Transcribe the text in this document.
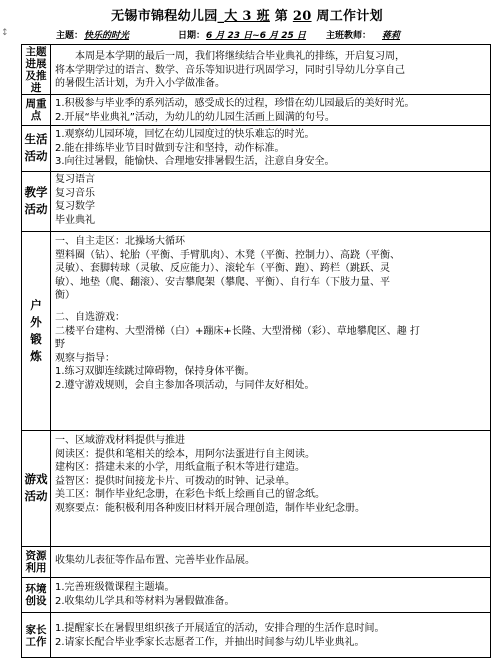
↕
无锡市锦程幼儿园_大 3 班 第 20 周工作计划
主题： 快乐的时光	日期： 6 月 23 日~6 月 25 日 主班教师： 蒋莉
主题
进展
及推
进
本周是本学期的最后一周，我们将继续结合毕业典礼的排练，开启复习周，
将本学期学过的语言、数学、音乐等知识进行巩固学习，同时引导幼儿分享自己
的暑假生活计划，为升入小学做准备。
周重
点
1.积极参与毕业季的系列活动，感受成长的过程，珍惜在幼儿园最后的美好时光。
2.开展“毕业典礼”活动，为幼儿的幼儿园生活画上圆满的句号。
生活
活动
1.观察幼儿园环境，回忆在幼儿园度过的快乐难忘的时光。
2.能在排练毕业节目时做到专注和坚持，动作标准。
3.向往过暑假，能愉快、合理地安排暑假生活，注意自身安全。
教学
活动
复习语言
复习音乐
复习数学
毕业典礼
户
外
锻
炼
一、自主走区：北操场大循环
塑料圈（钻）、轮胎（平衡、手臂肌肉）、木凳（平衡、控制力）、高跷（平衡、
灵敏）、套脚转球（灵敏、反应能力）、滚轮车（平衡、跑）、跨栏（跳跃、灵
敏）、地垫（爬、翻滚）、安吉攀爬架（攀爬、平衡）、自行车（下肢力量、平
衡）
二、自选游戏：
二楼平台建构、大型滑梯（白）+蹦床+长隆、大型滑梯（彩）、草地攀爬区、趣 打
野
观察与指导：
1.练习双脚连续跳过障碍物，保持身体平衡。
2.遵守游戏规则，会自主参加各项活动，与同伴友好相处。
游戏
活动
一、区域游戏材料提供与推进
阅读区：提供和笔相关的绘本，用阿尔法蛋进行自主阅读。
建构区：搭建未来的小学，用纸盒瓶子积木等进行建造。
益智区：提供时间接龙卡片、可拨动的时钟、记录单。
美工区：制作毕业纪念册，在彩色卡纸上绘画自己的留念纸。
观察要点：能积极利用各种废旧材料开展合理创造，制作毕业纪念册。
资源
利用
收集幼儿表征等作品布置、完善毕业作品展。
环境
创设
1.完善班级微课程主题墙。
2.收集幼儿学具和等材料为暑假做准备。
家长
工作
1.提醒家长在暑假里组织孩子开展适宜的活动，安排合理的生活作息时间。
2.请家长配合毕业季家长志愿者工作，并抽出时间参与幼儿毕业典礼。
